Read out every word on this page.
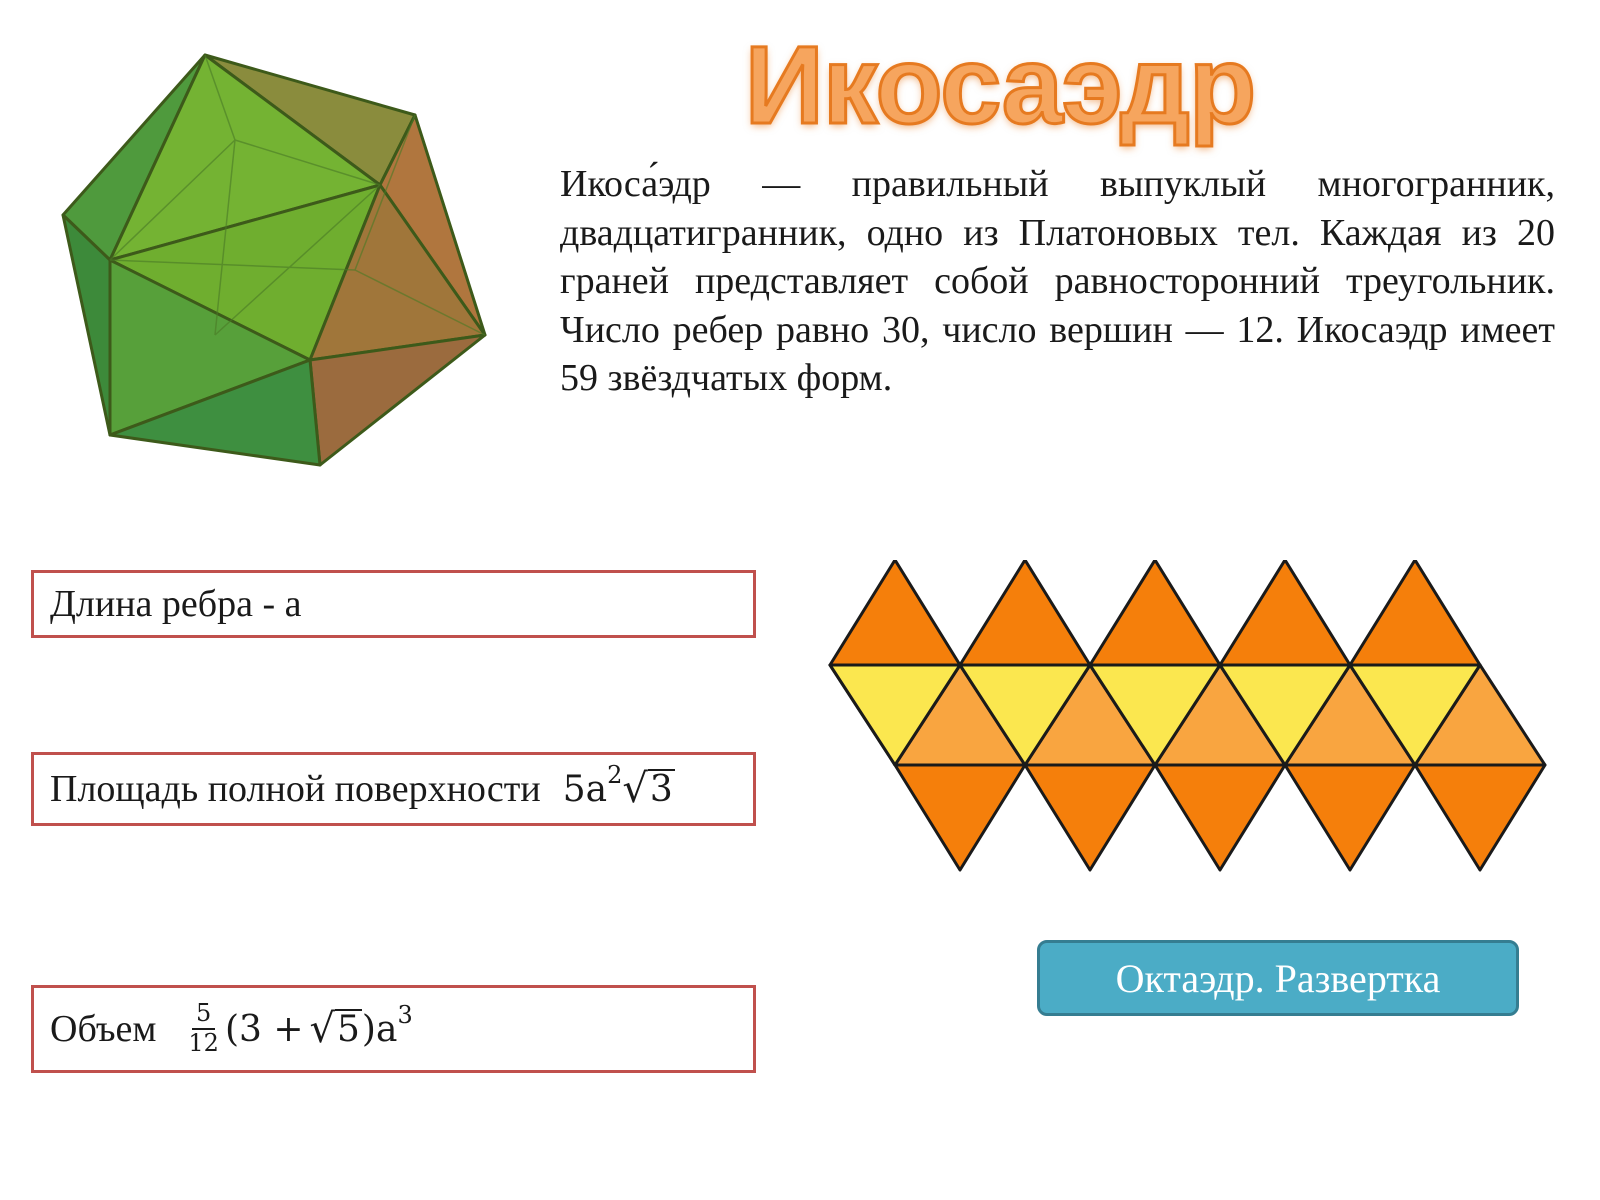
Икосаэдр

Икоса́эдр — правильный выпуклый многогранник, двадцатигранник, одно из Платоновых тел. Каждая из 20 граней представляет собой равносторонний треугольник. Число ребер равно 30, число вершин — 12. Икосаэдр имеет 59 звёздчатых форм.

Длина ребра - а
Площадь полной поверхности 5 a 2 √ 3
Объем $\frac{5}{12} (3$ + √ 5 ) a 3
Октаэдр. Развертка
